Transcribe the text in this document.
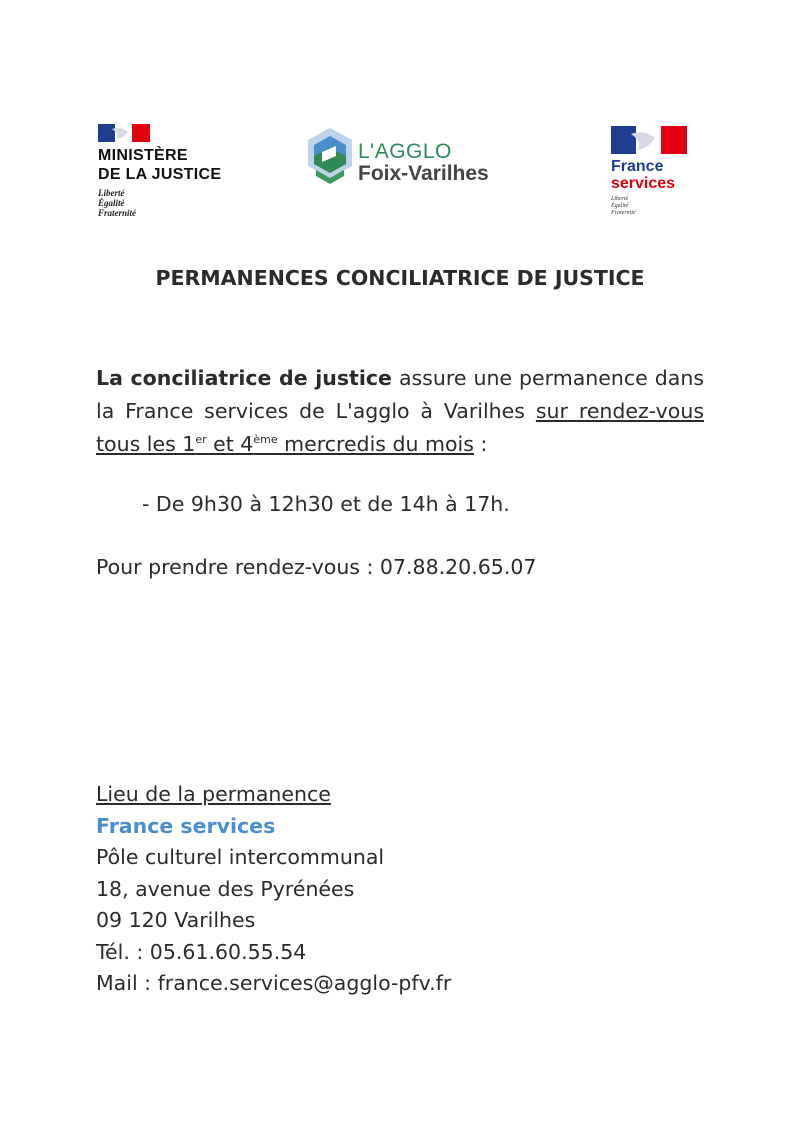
MINISTÈRE
DE LA JUSTICE
Liberté
Égalité
Fraternité
L'AGGLO
Foix-Varilhes	France
services
Liberté
Égalité
Fraternité
PERMANENCES CONCILIATRICE DE JUSTICE
La conciliatrice de justice assure une permanence dans la France services de L'agglo à Varilhes sur rendez-vous tous les 1er et 4ème mercredis du mois :
- De 9h30 à 12h30 et de 14h à 17h.
Pour prendre rendez-vous : 07.88.20.65.07
Lieu de la permanence
France services
Pôle culturel intercommunal
18, avenue des Pyrénées
09 120 Varilhes
Tél. : 05.61.60.55.54
Mail : france.services@agglo-pfv.fr
